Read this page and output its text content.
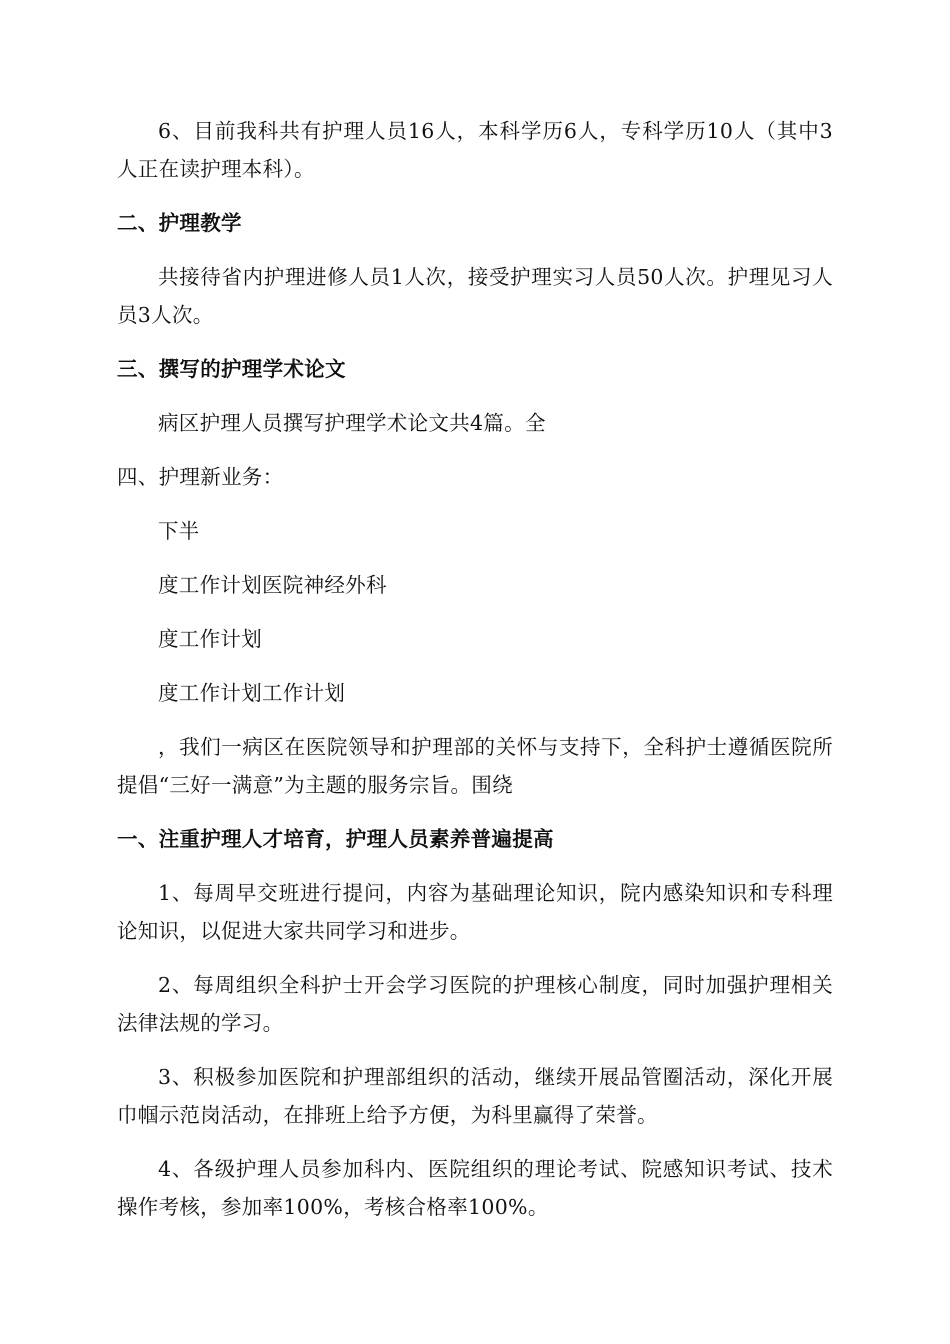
6、目前我科共有护理人员16人，本科学历6人，专科学历10人（其中3人正在读护理本科）。

二、护理教学

共接待省内护理进修人员1人次，接受护理实习人员50人次。护理见习人员3人次。

三、撰写的护理学术论文

病区护理人员撰写护理学术论文共4篇。全

四、护理新业务：

下半

度工作计划医院神经外科

度工作计划

度工作计划工作计划

，我们一病区在医院领导和护理部的关怀与支持下，全科护士遵循医院所提倡“三好一满意”为主题的服务宗旨。围绕

一、注重护理人才培育，护理人员素养普遍提高

1、每周早交班进行提问，内容为基础理论知识，院内感染知识和专科理论知识，以促进大家共同学习和进步。

2、每周组织全科护士开会学习医院的护理核心制度，同时加强护理相关法律法规的学习。

3、积极参加医院和护理部组织的活动，继续开展品管圈活动，深化开展巾帼示范岗活动，在排班上给予方便，为科里赢得了荣誉。

4、各级护理人员参加科内、医院组织的理论考试、院感知识考试、技术操作考核，参加率100%，考核合格率100%。
